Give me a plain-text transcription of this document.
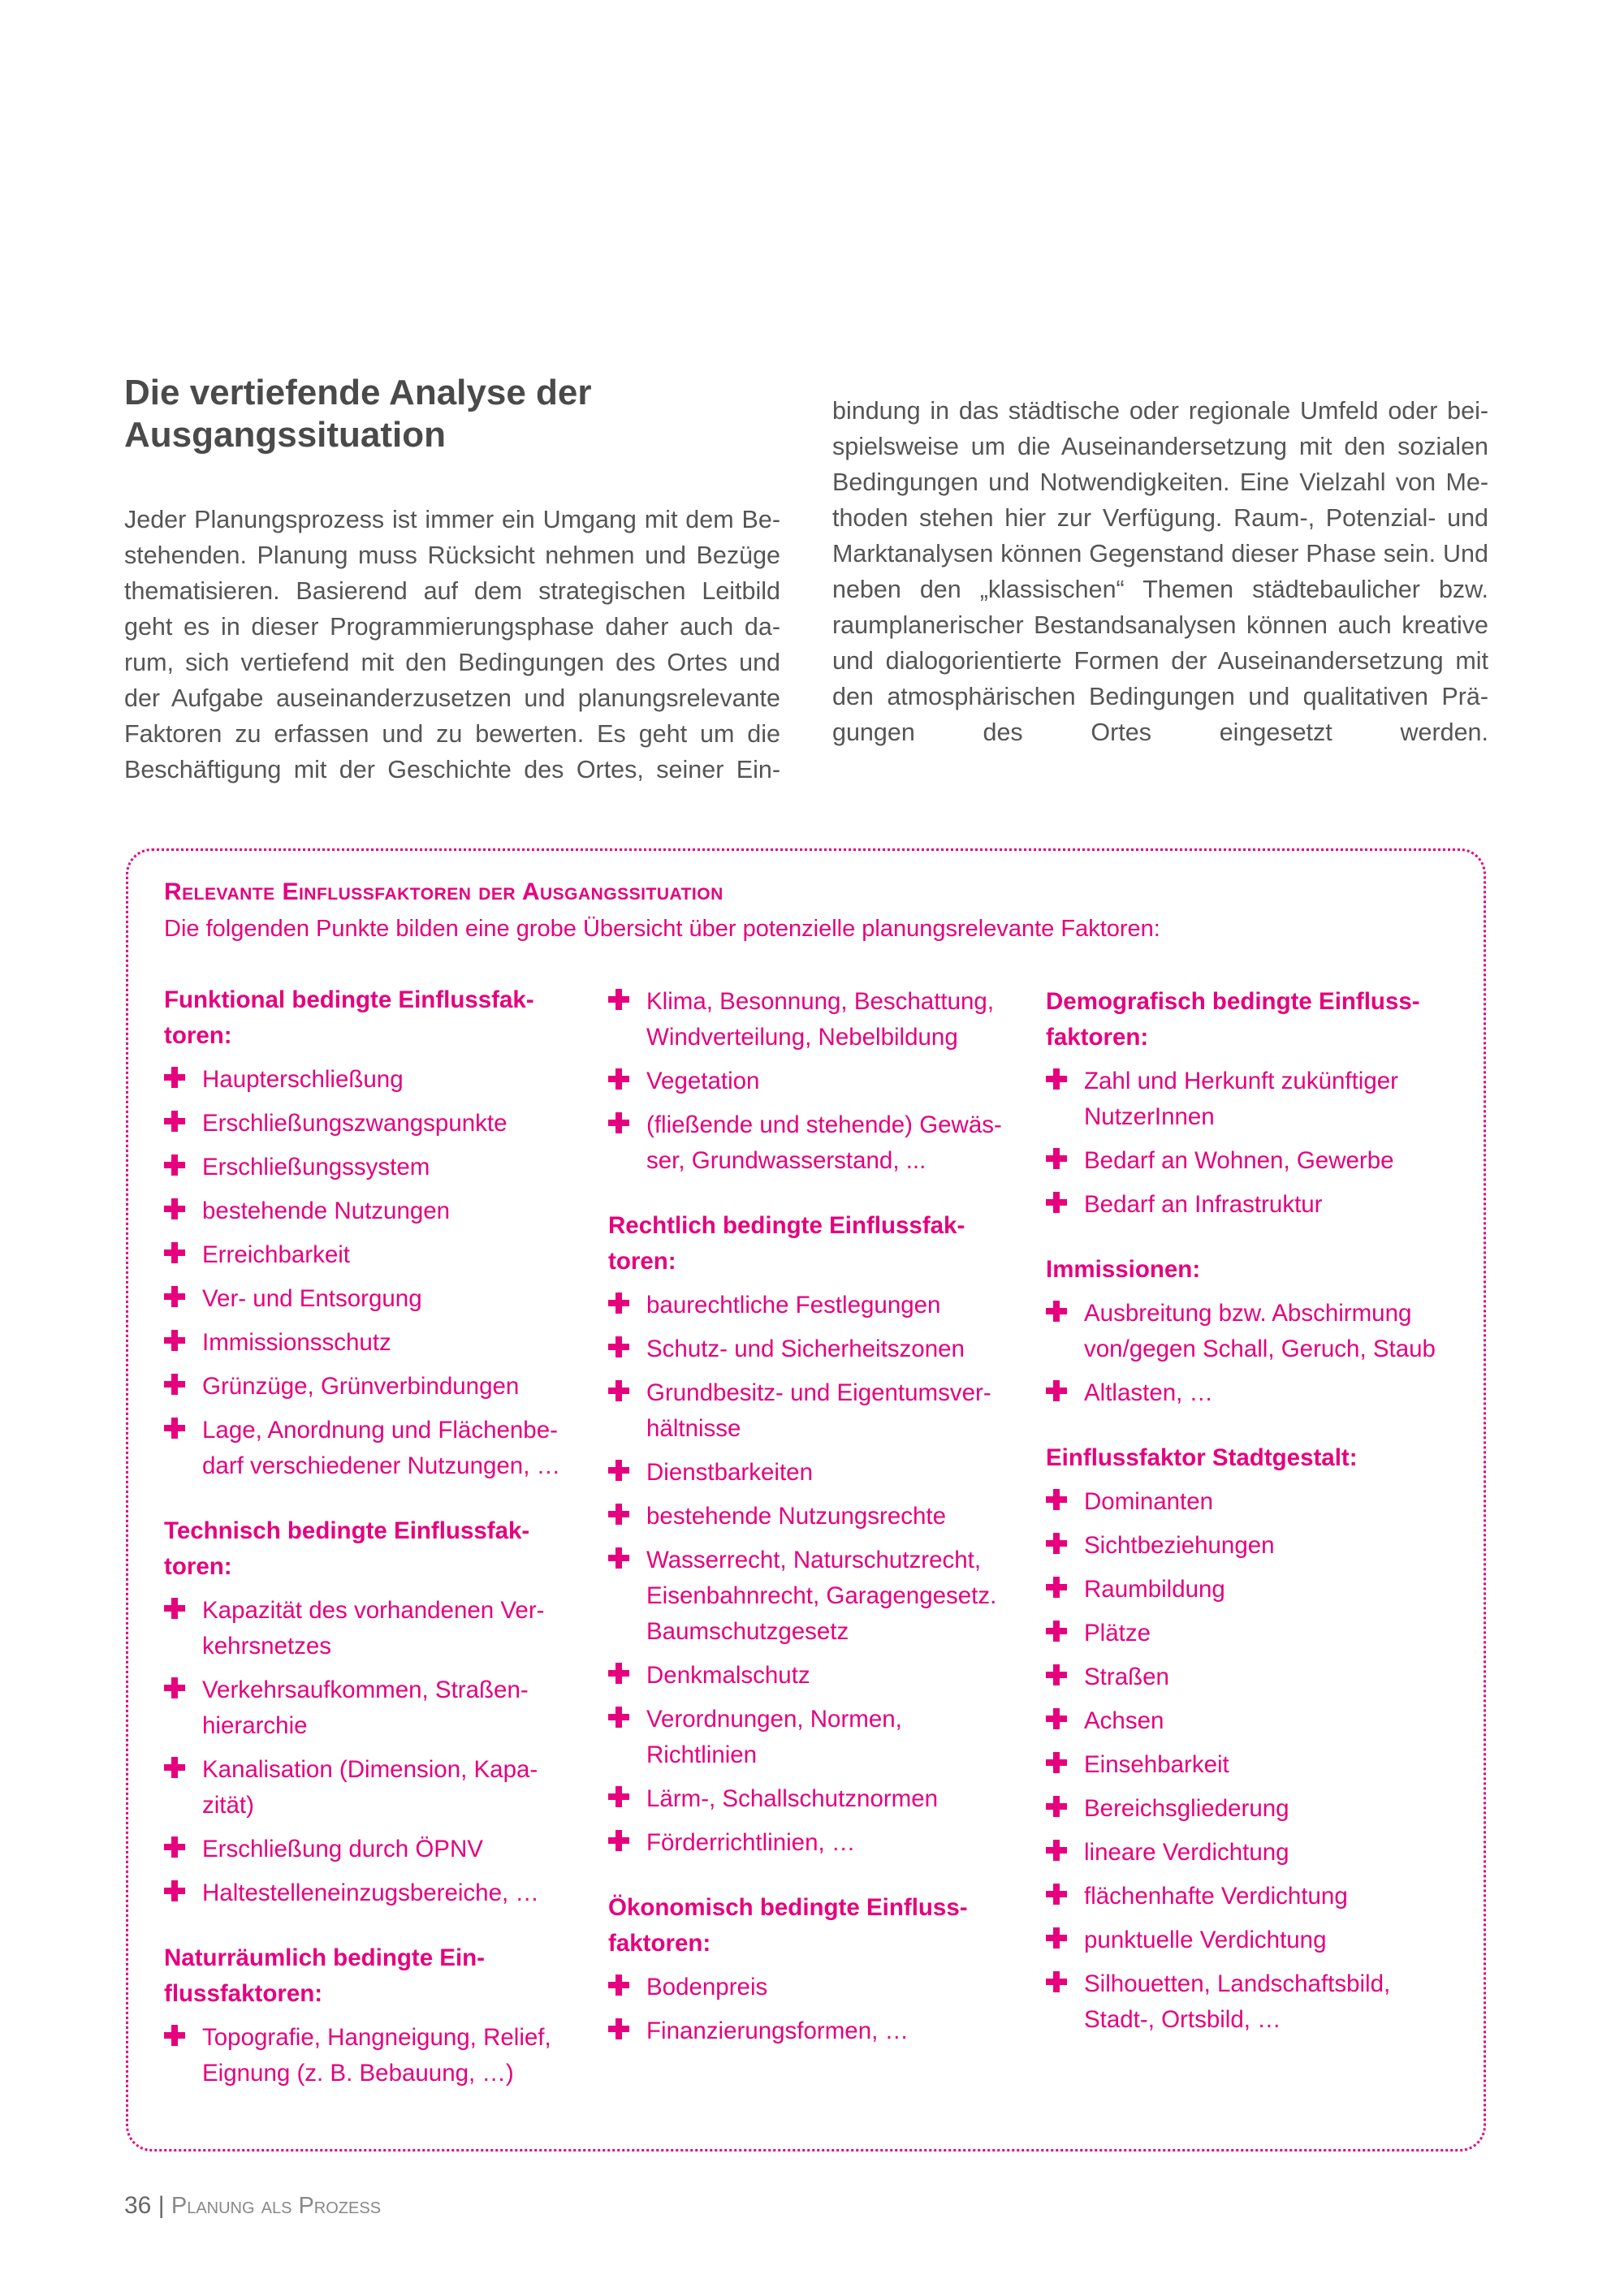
Die vertiefende Analyse der
Ausgangssituation

Jeder Planungsprozess ist immer ein Umgang mit dem Be-

stehenden. Planung muss Rücksicht nehmen und Bezüge

thematisieren. Basierend auf dem strategischen Leitbild

geht es in dieser Programmierungsphase daher auch da-

rum, sich vertiefend mit den Bedingungen des Ortes und

der Aufgabe auseinanderzusetzen und planungsrelevante

Faktoren zu erfassen und zu bewerten. Es geht um die

Beschäftigung mit der Geschichte des Ortes, seiner Ein-

bindung in das städtische oder regionale Umfeld oder bei-

spielsweise um die Auseinandersetzung mit den sozialen

Bedingungen und Notwendigkeiten. Eine Vielzahl von Me-

thoden stehen hier zur Verfügung. Raum-, Potenzial- und

Marktanalysen können Gegenstand dieser Phase sein. Und

neben den „klassischen“ Themen städtebaulicher bzw.

raumplanerischer Bestandsanalysen können auch kreative

und dialogorientierte Formen der Auseinandersetzung mit

den atmosphärischen Bedingungen und qualitativen Prä-

gungen des Ortes eingesetzt werden.

Relevante Einflussfaktoren der Ausgangssituation
Die folgenden Punkte bilden eine grobe Übersicht über potenzielle planungsrelevante Faktoren:
Funktional bedingte Einflussfak-
toren:
Haupterschließung
Erschließungszwangspunkte
Erschließungssystem
bestehende Nutzungen
Erreichbarkeit
Ver- und Entsorgung
Immissionsschutz
Grünzüge, Grünverbindungen
Lage, Anordnung und Flächenbe-
darf verschiedener Nutzungen, …
Technisch bedingte Einflussfak-
toren:
Kapazität des vorhandenen Ver-
kehrsnetzes
Verkehrsaufkommen, Straßen-
hierarchie
Kanalisation (Dimension, Kapa-
zität)
Erschließung durch ÖPNV
Haltestelleneinzugsbereiche, …
Naturräumlich bedingte Ein-
flussfaktoren:
Topografie, Hangneigung, Relief,
Eignung (z. B. Bebauung, …)
Klima, Besonnung, Beschattung,
Windverteilung, Nebelbildung
Vegetation
(fließende und stehende) Gewäs-
ser, Grundwasserstand, ...
Rechtlich bedingte Einflussfak-
toren:
baurechtliche Festlegungen
Schutz- und Sicherheitszonen
Grundbesitz- und Eigentumsver-
hältnisse
Dienstbarkeiten
bestehende Nutzungsrechte
Wasserrecht, Naturschutzrecht,
Eisenbahnrecht, Garagengesetz.
Baumschutzgesetz
Denkmalschutz
Verordnungen, Normen,
Richtlinien
Lärm-, Schallschutznormen
Förderrichtlinien, …
Ökonomisch bedingte Einfluss-
faktoren:
Bodenpreis
Finanzierungsformen, …
Demografisch bedingte Einfluss-
faktoren:
Zahl und Herkunft zukünftiger
NutzerInnen
Bedarf an Wohnen, Gewerbe
Bedarf an Infrastruktur
Immissionen:
Ausbreitung bzw. Abschirmung
von/gegen Schall, Geruch, Staub
Altlasten, …
Einflussfaktor Stadtgestalt:
Dominanten
Sichtbeziehungen
Raumbildung
Plätze
Straßen
Achsen
Einsehbarkeit
Bereichsgliederung
lineare Verdichtung
flächenhafte Verdichtung
punktuelle Verdichtung
Silhouetten, Landschaftsbild,
Stadt-, Ortsbild, …
36 | Planung als Prozess
